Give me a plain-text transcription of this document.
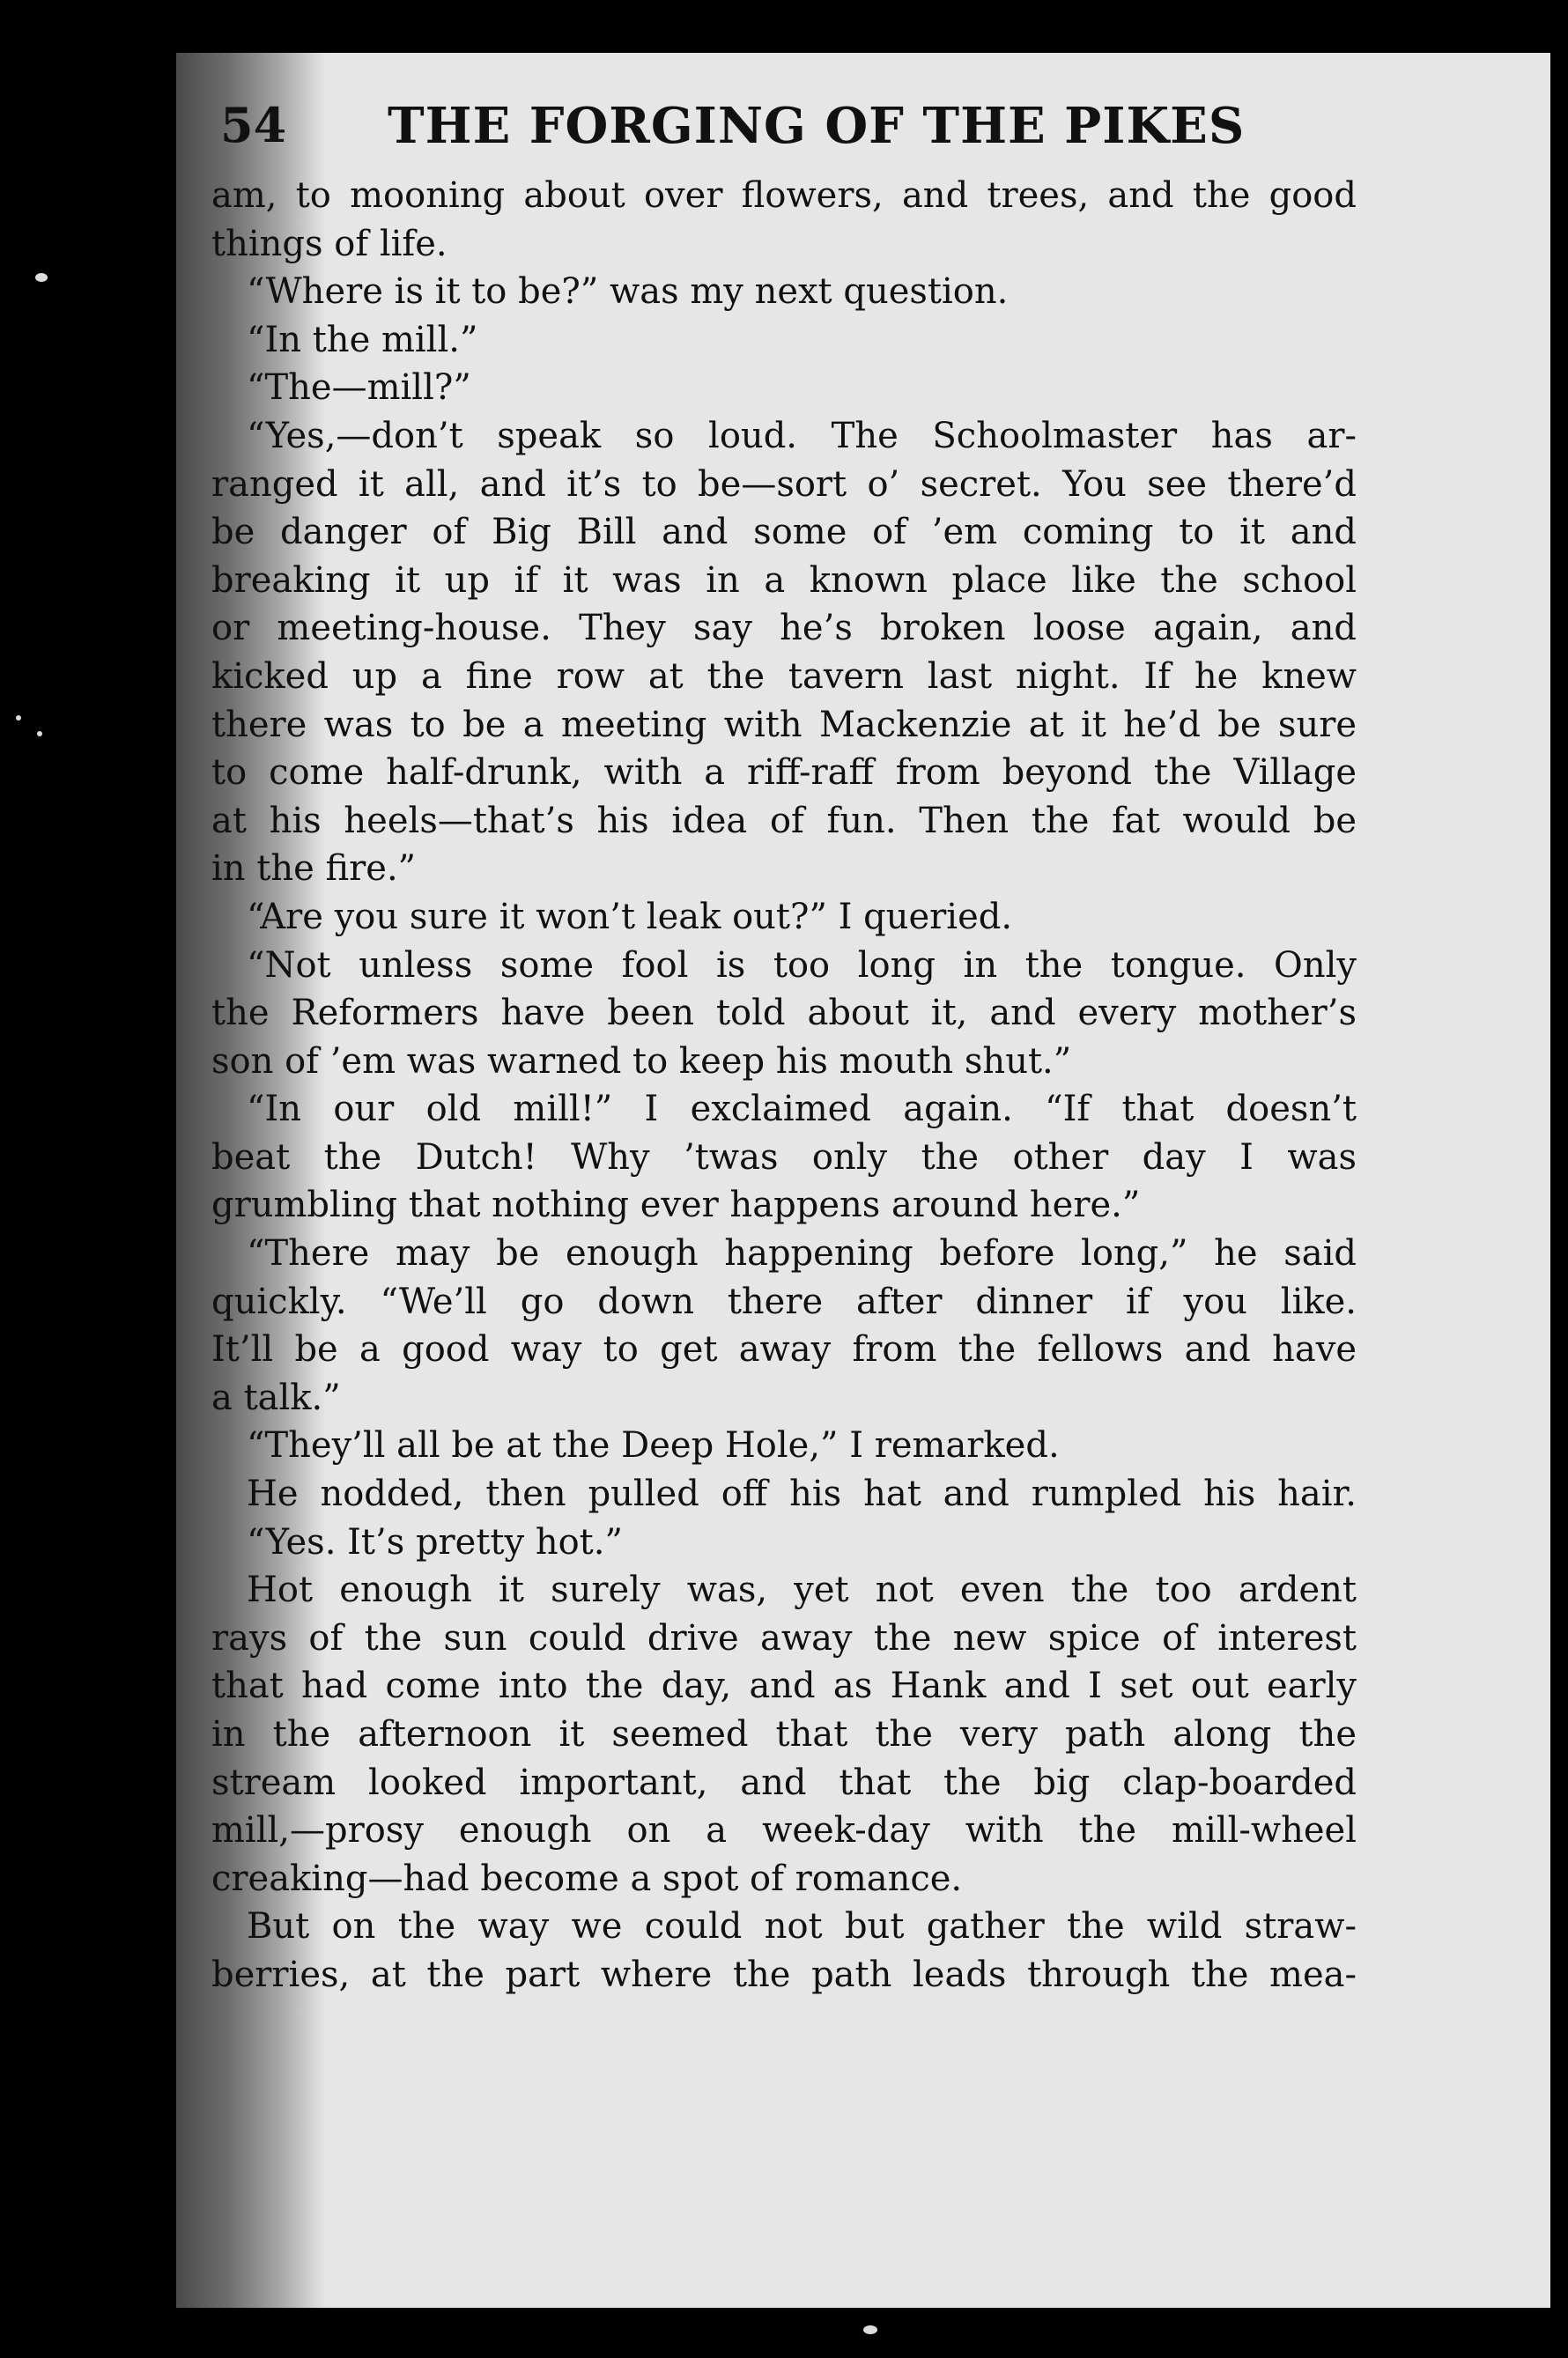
54 THE FORGING OF THE PIKES
am, to mooning about over flowers, and trees, and the good
things of life.
“Where is it to be?” was my next question.
“In the mill.”
“The—mill?”
“Yes,—don’t speak so loud. The Schoolmaster has ar-
ranged it all, and it’s to be—sort o’ secret. You see there’d
be danger of Big Bill and some of ’em coming to it and
breaking it up if it was in a known place like the school
or meeting-house. They say he’s broken loose again, and
kicked up a fine row at the tavern last night. If he knew
there was to be a meeting with Mackenzie at it he’d be sure
to come half-drunk, with a riff-raff from beyond the Village
at his heels—that’s his idea of fun. Then the fat would be
in the fire.”
“Are you sure it won’t leak out?” I queried.
“Not unless some fool is too long in the tongue. Only
the Reformers have been told about it, and every mother’s
son of ’em was warned to keep his mouth shut.”
“In our old mill!” I exclaimed again. “If that doesn’t
beat the Dutch! Why ’twas only the other day I was
grumbling that nothing ever happens around here.”
“There may be enough happening before long,” he said
quickly. “We’ll go down there after dinner if you like.
It’ll be a good way to get away from the fellows and have
a talk.”
“They’ll all be at the Deep Hole,” I remarked.
He nodded, then pulled off his hat and rumpled his hair.
“Yes. It’s pretty hot.”
Hot enough it surely was, yet not even the too ardent
rays of the sun could drive away the new spice of interest
that had come into the day, and as Hank and I set out early
in the afternoon it seemed that the very path along the
stream looked important, and that the big clap-boarded
mill,—prosy enough on a week-day with the mill-wheel
creaking—had become a spot of romance.
But on the way we could not but gather the wild straw-
berries, at the part where the path leads through the mea-
